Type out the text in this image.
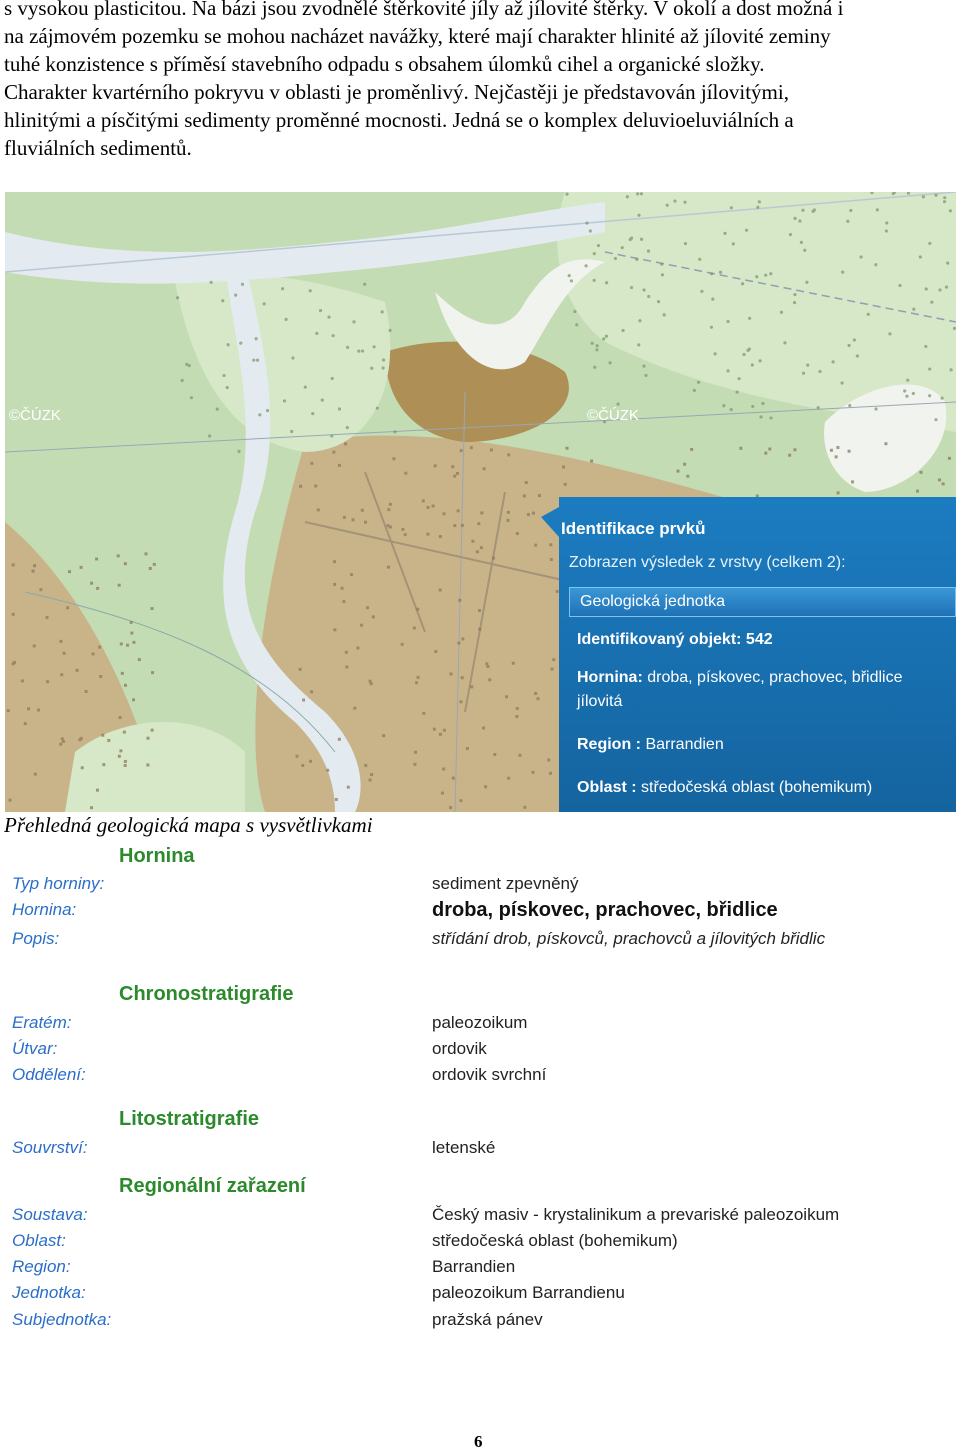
s vysokou plasticitou. Na bázi jsou zvodnělé štěrkovité jíly až jílovité štěrky. V okolí a dost možná i
na zájmovém pozemku se mohou nacházet navážky, které mají charakter hlinité až jílovité zeminy
tuhé konzistence s příměsí stavebního odpadu s obsahem úlomků cihel a organické složky.
Charakter kvartérního pokryvu v oblasti je proměnlivý. Nejčastěji je představován jílovitými,
hlinitými a písčitými sedimenty proměnné mocnosti. Jedná se o komplex deluvioeluviálních a
fluviálních sedimentů.
©ČÚZK	©ČÚZK
Identifikace prvků
Zobrazen výsledek z vrstvy (celkem 2):
Geologická jednotka
Identifikovaný objekt: 542
Hornina: droba, pískovec, prachovec, břidlice
jílovitá
Region : Barrandien
Oblast : středočeská oblast (bohemikum)
Přehledná geologická mapa s vysvětlivkami
Hornina
Typ horniny:	sediment zpevněný
Hornina:	droba, pískovec, prachovec, břidlice
Popis:	střídání drob, pískovců, prachovců a jílovitých břidlic
Chronostratigrafie
Eratém:	paleozoikum
Útvar:	ordovik
Oddělení:	ordovik svrchní
Litostratigrafie
Souvrství:	letenské
Regionální zařazení
Soustava:	Český masiv - krystalinikum a prevariské paleozoikum
Oblast:	středočeská oblast (bohemikum)
Region:	Barrandien
Jednotka:	paleozoikum Barrandienu
Subjednotka:	pražská pánev
6
